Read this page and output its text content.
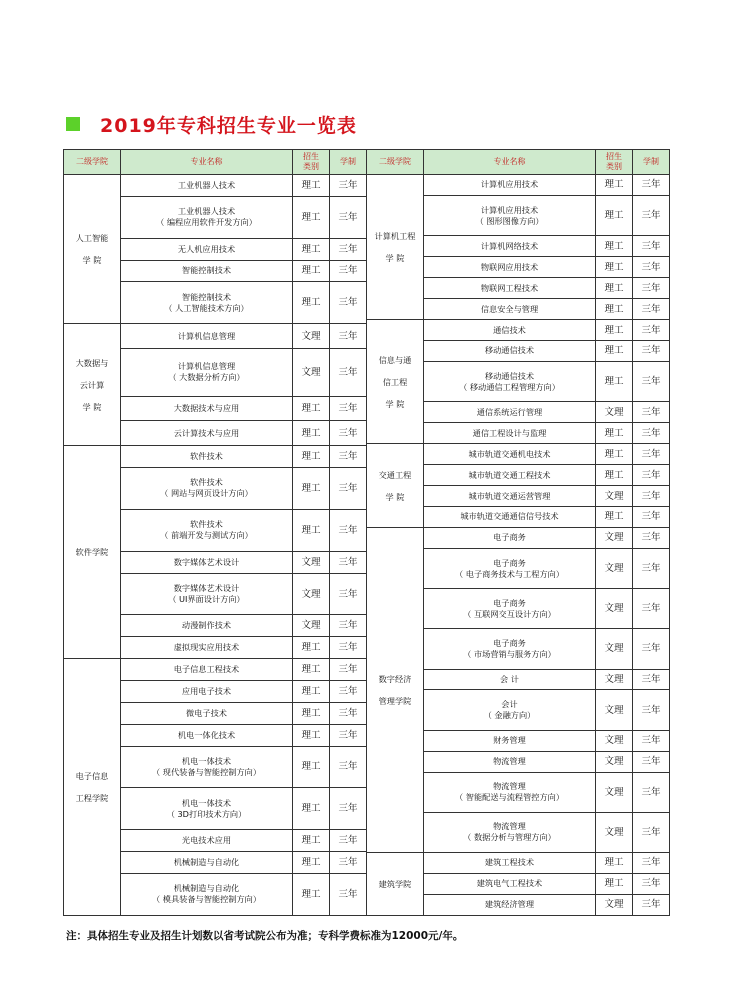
2019年专科招生专业一览表
二级学院	专业名称	招生
类别	学制

人工智能
学 院	工业机器人技术	理工	三年
	工业机器人技术
（ 编程应用软件开发方向）	理工	三年
	无人机应用技术	理工	三年
	智能控制技术	理工	三年
	智能控制技术
（ 人工智能技术方向）	理工	三年

大数据与
云计算
学 院	计算机信息管理	文理	三年
	计算机信息管理
（ 大数据分析方向）	文理	三年
	大数据技术与应用	理工	三年
	云计算技术与应用	理工	三年

软件学院	软件技术	理工	三年
	软件技术
（ 网站与网页设计方向）	理工	三年
	软件技术
（ 前端开发与测试方向）	理工	三年
	数字媒体艺术设计	文理	三年
	数字媒体艺术设计
（ UI界面设计方向）	文理	三年
	动漫制作技术	文理	三年
	虚拟现实应用技术	理工	三年

电子信息
工程学院	电子信息工程技术	理工	三年
	应用电子技术	理工	三年
	微电子技术	理工	三年
	机电一体化技术	理工	三年
	机电一体技术
（ 现代装备与智能控制方向）	理工	三年
	机电一体技术
（ 3D打印技术方向）	理工	三年
	光电技术应用	理工	三年
	机械制造与自动化	理工	三年
	机械制造与自动化
（ 模具装备与智能控制方向）	理工	三年
二级学院	专业名称	招生
类别	学制

计算机工程
学 院	计算机应用技术	理工	三年
	计算机应用技术
（ 图形图像方向）	理工	三年
	计算机网络技术	理工	三年
	物联网应用技术	理工	三年
	物联网工程技术	理工	三年
	信息安全与管理	理工	三年

信息与通
信工程
学 院	通信技术	理工	三年
	移动通信技术	理工	三年
	移动通信技术
（ 移动通信工程管理方向）	理工	三年
	通信系统运行管理	文理	三年
	通信工程设计与监理	理工	三年

交通工程
学 院	城市轨道交通机电技术	理工	三年
	城市轨道交通工程技术	理工	三年
	城市轨道交通运营管理	文理	三年
	城市轨道交通通信信号技术	理工	三年

数字经济
管理学院	电子商务	文理	三年
	电子商务
（ 电子商务技术与工程方向）	文理	三年
	电子商务
（ 互联网交互设计方向）	文理	三年
	电子商务
（ 市场营销与服务方向）	文理	三年
	会 计	文理	三年
	会计
（ 金融方向）	文理	三年
	财务管理	文理	三年
	物流管理	文理	三年
	物流管理
（ 智能配送与流程管控方向）	文理	三年
	物流管理
（ 数据分析与管理方向）	文理	三年

建筑学院	建筑工程技术	理工	三年
	建筑电气工程技术	理工	三年
	建筑经济管理	文理	三年
注：具体招生专业及招生计划数以省考试院公布为准；专科学费标准为12000元/年。
